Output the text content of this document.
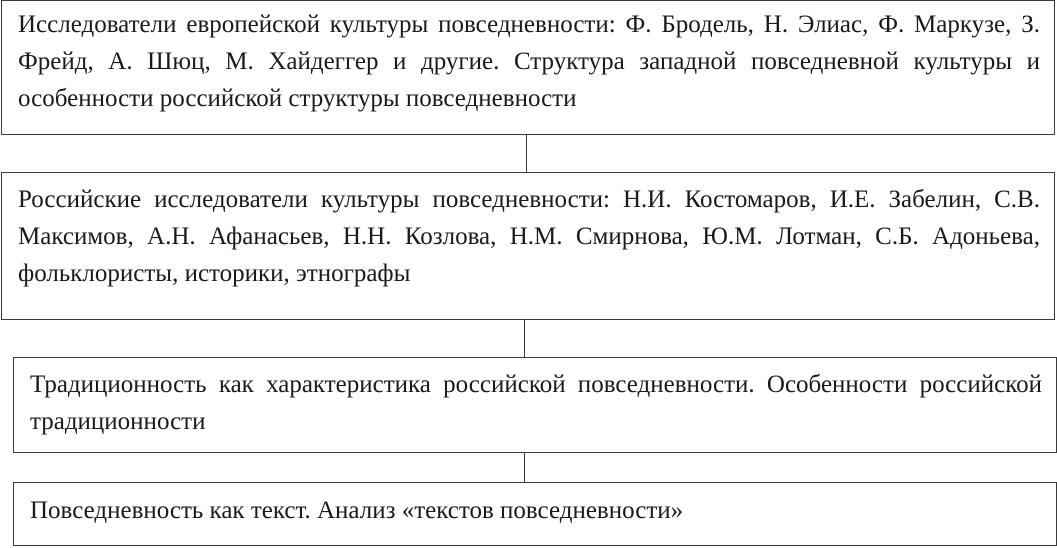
Исследователи европейской культуры повседневности: Ф. Бродель, Н. Элиас, Ф. Маркузе, З. Фрейд, А. Шюц, М. Хайдеггер и другие. Структура западной повседневной культуры и особенности российской структуры повседневности
Российские исследователи культуры повседневности: Н.И. Костомаров, И.Е. Забелин, С.В. Максимов, А.Н. Афанасьев, Н.Н. Козлова, Н.М. Смирнова, Ю.М. Лотман, С.Б. Адоньева, фольклористы, историки, этнографы
Традиционность как характеристика российской повседневности. Особенности российской традиционности
Повседневность как текст. Анализ «текстов повседневности»
